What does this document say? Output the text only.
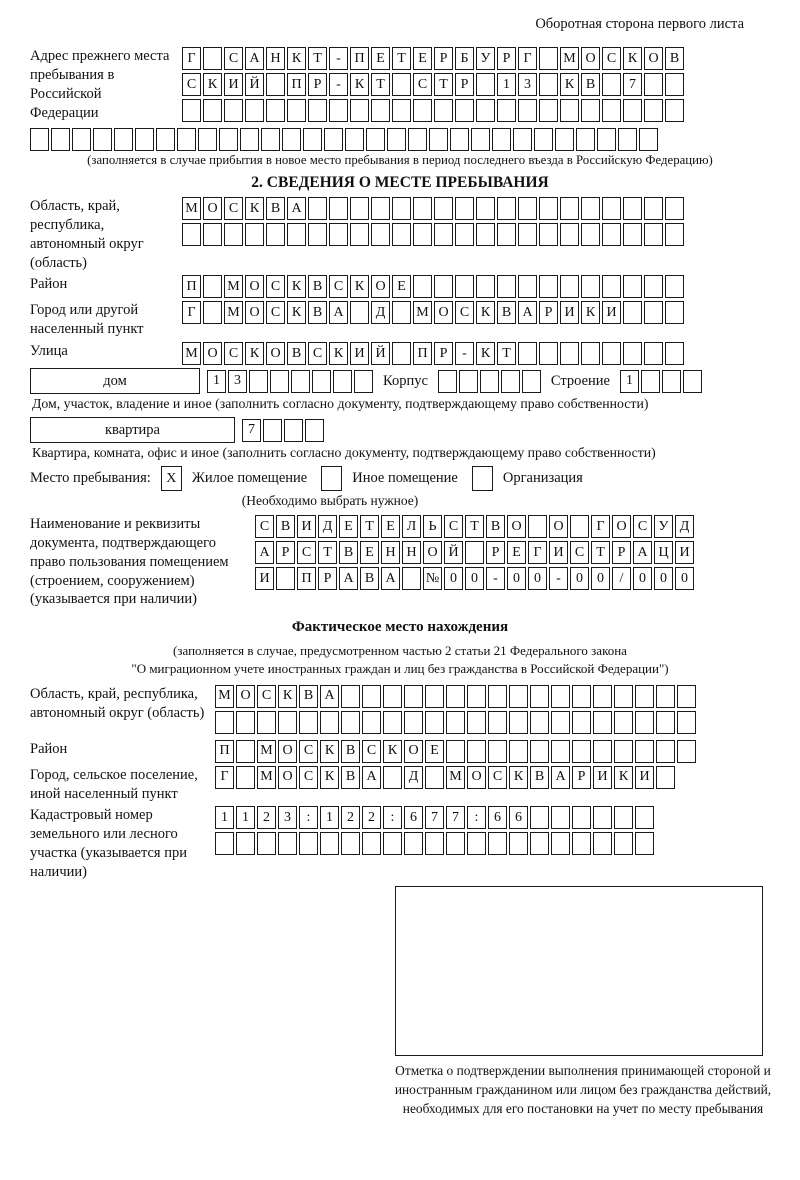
Оборотная сторона первого листа
Адрес прежнего места пребывания в Российской Федерации
Г	С А Н К Т	- П Е Т Е Р Б У Р Г	М О С К О В
С К И Й	П Р	-	К Т	С Т Р	1	3	К В	7
(заполняется в случае прибытия в новое место пребывания в период последнего въезда в Российскую Федерацию)
2. СВЕДЕНИЯ О МЕСТЕ ПРЕБЫВАНИЯ
Область, край, республика, автономный округ (область)
М О С К В А
Район	П	М О С К В С К О Е
Город или другой населенный пункт
Г	М О С К В А	Д	М О С К В А Р И К И
Улица	М О С К О В С К И Й	П Р	-	К Т
дом	1	3	Корпус	Строение	1
Дом, участок, владение и иное (заполнить согласно документу, подтверждающему право собственности)
квартира	7
Квартира, комната, офис и иное (заполнить согласно документу, подтверждающему право собственности)
Место пребывания:	X	Жилое помещение	Иное помещение	Организация
(Необходимо выбрать нужное)
Наименование и реквизиты документа, подтверждающего право пользования помещением (строением, сооружением) (указывается при наличии)
С В И Д Е Т Е Л Ь С Т В О	О	Г О С У Д
А Р С Т В Е Н Н О Й	Р Е Г И С Т Р А Ц И
И	П Р А В А	№ 0	0	-	0	0	-	0	0	/	0	0	0
Фактическое место нахождения
(заполняется в случае, предусмотренном частью 2 статьи 21 Федерального закона
"О миграционном учете иностранных граждан и лиц без гражданства в Российской Федерации")
Область, край, республика, автономный округ (область)
М О С К В А
Район	П	М О С К В С К О Е
Город, сельское поселение, иной населенный пункт
Г	М О С К В А	Д	М О С К В А Р И К И
Кадастровый номер земельного или лесного участка (указывается при наличии)
1	1	2	3	:	1	2	2	:	6	7	7	:	6	6
Отметка о подтверждении выполнения принимающей стороной и иностранным гражданином или лицом без гражданства действий, необходимых для его постановки на учет по месту пребывания
